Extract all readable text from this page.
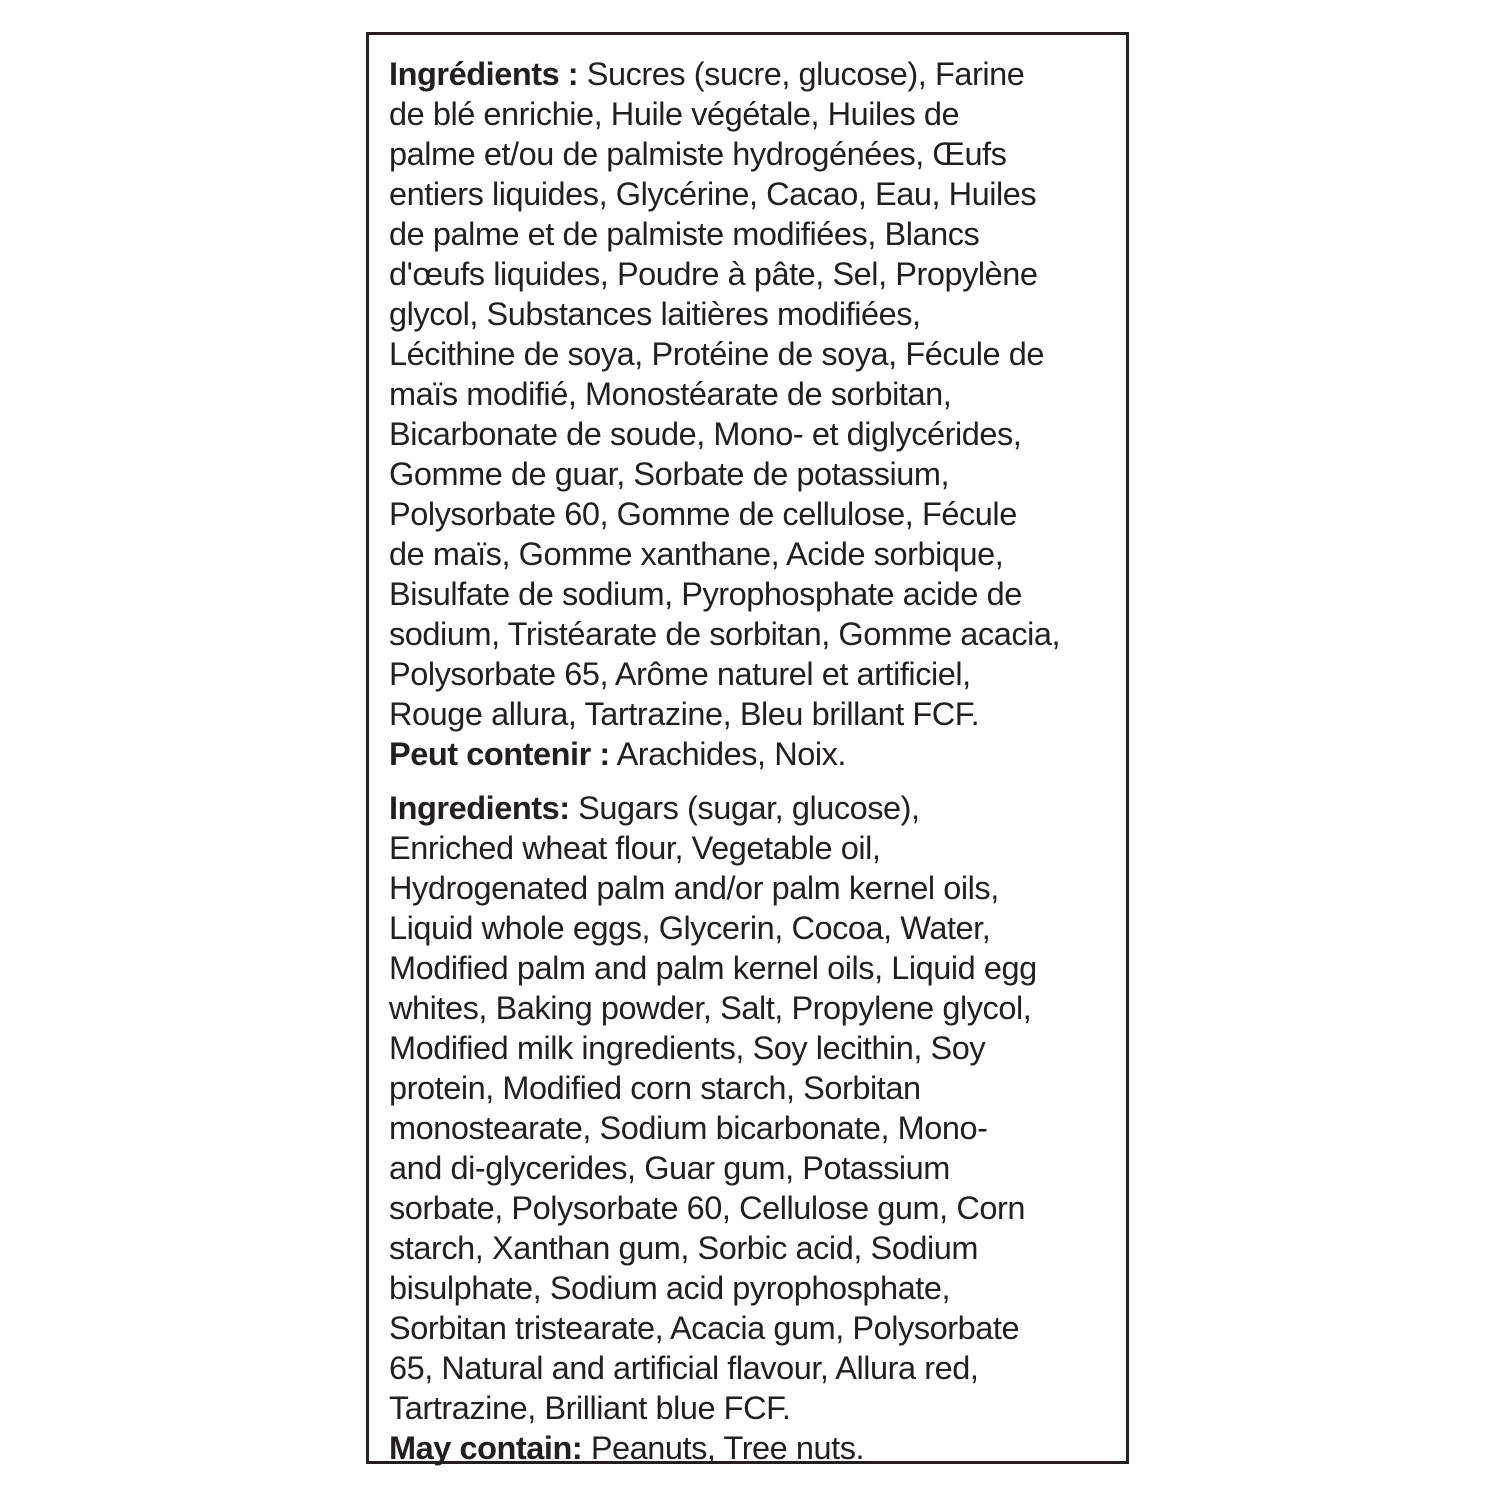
Ingrédients : Sucres (sucre, glucose), Farine
de blé enrichie, Huile végétale, Huiles de
palme et/ou de palmiste hydrogénées, Œufs
entiers liquides, Glycérine, Cacao, Eau, Huiles
de palme et de palmiste modifiées, Blancs
d'œufs liquides, Poudre à pâte, Sel, Propylène
glycol, Substances laitières modifiées,
Lécithine de soya, Protéine de soya, Fécule de
maïs modifié, Monostéarate de sorbitan,
Bicarbonate de soude, Mono- et diglycérides,
Gomme de guar, Sorbate de potassium,
Polysorbate 60, Gomme de cellulose, Fécule
de maïs, Gomme xanthane, Acide sorbique,
Bisulfate de sodium, Pyrophosphate acide de
sodium, Tristéarate de sorbitan, Gomme acacia,
Polysorbate 65, Arôme naturel et artificiel,
Rouge allura, Tartrazine, Bleu brillant FCF.
Peut contenir : Arachides, Noix.
Ingredients: Sugars (sugar, glucose),
Enriched wheat flour, Vegetable oil,
Hydrogenated palm and/or palm kernel oils,
Liquid whole eggs, Glycerin, Cocoa, Water,
Modified palm and palm kernel oils, Liquid egg
whites, Baking powder, Salt, Propylene glycol,
Modified milk ingredients, Soy lecithin, Soy
protein, Modified corn starch, Sorbitan
monostearate, Sodium bicarbonate, Mono-
and di-glycerides, Guar gum, Potassium
sorbate, Polysorbate 60, Cellulose gum, Corn
starch, Xanthan gum, Sorbic acid, Sodium
bisulphate, Sodium acid pyrophosphate,
Sorbitan tristearate, Acacia gum, Polysorbate
65, Natural and artificial flavour, Allura red,
Tartrazine, Brilliant blue FCF.
May contain: Peanuts, Tree nuts.
